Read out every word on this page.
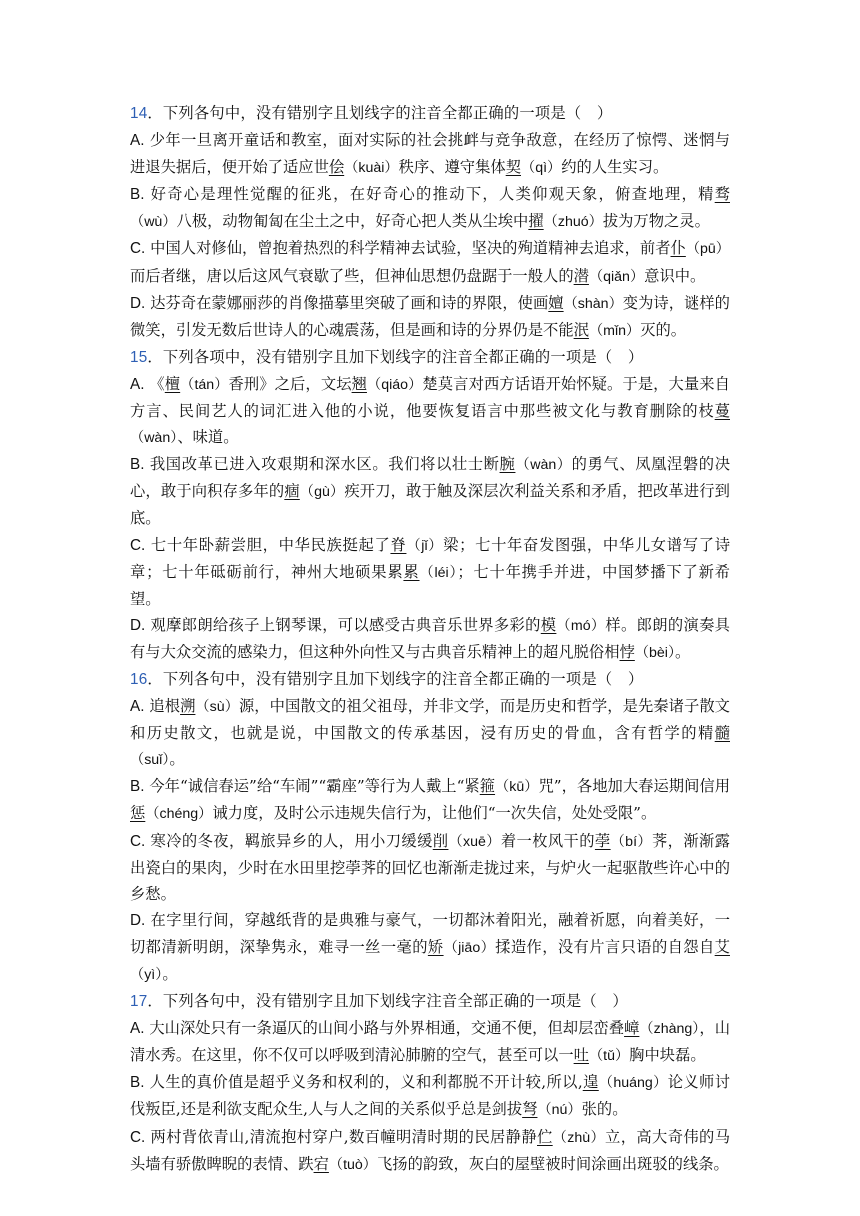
14．下列各句中，没有错别字且划线字的注音全都正确的一项是（　）
A. 少年一旦离开童话和教室，面对实际的社会挑衅与竞争敌意，在经历了惊愕、迷惘与进退失据后，便开始了适应世侩（kuài）秩序、遵守集体契（qì）约的人生实习。
B. 好奇心是理性觉醒的征兆，在好奇心的推动下，人类仰观天象，俯查地理，精骛（wù）八极，动物匍匐在尘土之中，好奇心把人类从尘埃中擢（zhuó）拔为万物之灵。
C. 中国人对修仙，曾抱着热烈的科学精神去试验，坚决的殉道精神去追求，前者仆（pū）而后者继，唐以后这风气衰歇了些，但神仙思想仍盘踞于一般人的潜（qiǎn）意识中。
D. 达芬奇在蒙娜丽莎的肖像描摹里突破了画和诗的界限，使画嬗（shàn）变为诗，谜样的微笑，引发无数后世诗人的心魂震荡，但是画和诗的分界仍是不能泯（mǐn）灭的。
15．下列各项中，没有错别字且加下划线字的注音全都正确的一项是（　）
A. 《檀（tán）香刑》之后，文坛翘（qiáo）楚莫言对西方话语开始怀疑。于是，大量来自方言、民间艺人的词汇进入他的小说，他要恢复语言中那些被文化与教育删除的枝蔓（wàn）、味道。
B. 我国改革已进入攻艰期和深水区。我们将以壮士断腕（wàn）的勇气、凤凰涅磐的决心，敢于向积存多年的痼（gù）疾开刀，敢于触及深层次利益关系和矛盾，把改革进行到底。
C. 七十年卧薪尝胆，中华民族挺起了脊（jǐ）梁；七十年奋发图强，中华儿女谱写了诗章；七十年砥砺前行，神州大地硕果累累（léi）；七十年携手并进，中国梦播下了新希望。
D. 观摩郎朗给孩子上钢琴课，可以感受古典音乐世界多彩的模（mó）样。郎朗的演奏具有与大众交流的感染力，但这种外向性又与古典音乐精神上的超凡脱俗相悖（bèi）。
16．下列各句中，没有错别字且加下划线字的注音全都正确的一项是（　）
A. 追根溯（sù）源，中国散文的祖父祖母，并非文学，而是历史和哲学，是先秦诸子散文和历史散文，也就是说，中国散文的传承基因，浸有历史的骨血，含有哲学的精髓（suǐ）。
B. 今年“诚信春运”给“车闹”“霸座”等行为人戴上“紧箍（kū）咒”，各地加大春运期间信用惩（chéng）诫力度，及时公示违规失信行为，让他们“一次失信，处处受限”。
C. 寒冷的冬夜，羁旅异乡的人，用小刀缓缓削（xuē）着一枚风干的荸（bí）荠，渐渐露出瓷白的果肉，少时在水田里挖荸荠的回忆也渐渐走拢过来，与炉火一起驱散些许心中的乡愁。
D. 在字里行间，穿越纸背的是典雅与豪气，一切都沐着阳光，融着祈愿，向着美好，一切都清新明朗，深挚隽永，难寻一丝一毫的矫（jiāo）揉造作，没有片言只语的自怨自艾（yì）。
17．下列各句中，没有错别字且加下划线字注音全部正确的一项是（　）
A. 大山深处只有一条逼仄的山间小路与外界相通，交通不便，但却层峦叠嶂（zhàng），山清水秀。在这里，你不仅可以呼吸到清沁肺腑的空气，甚至可以一吐（tǔ）胸中块磊。
B. 人生的真价值是超乎义务和权利的，义和利都脱不开计较,所以,遑（huáng）论义师讨伐叛臣,还是利欲支配众生,人与人之间的关系似乎总是剑拔弩（nú）张的。
C. 两村背依青山,清流抱村穿户,数百幢明清时期的民居静静伫（zhù）立，高大奇伟的马头墙有骄傲睥睨的表情、跌宕（tuò）飞扬的韵致，灰白的屋壁被时间涂画出斑驳的线条。
